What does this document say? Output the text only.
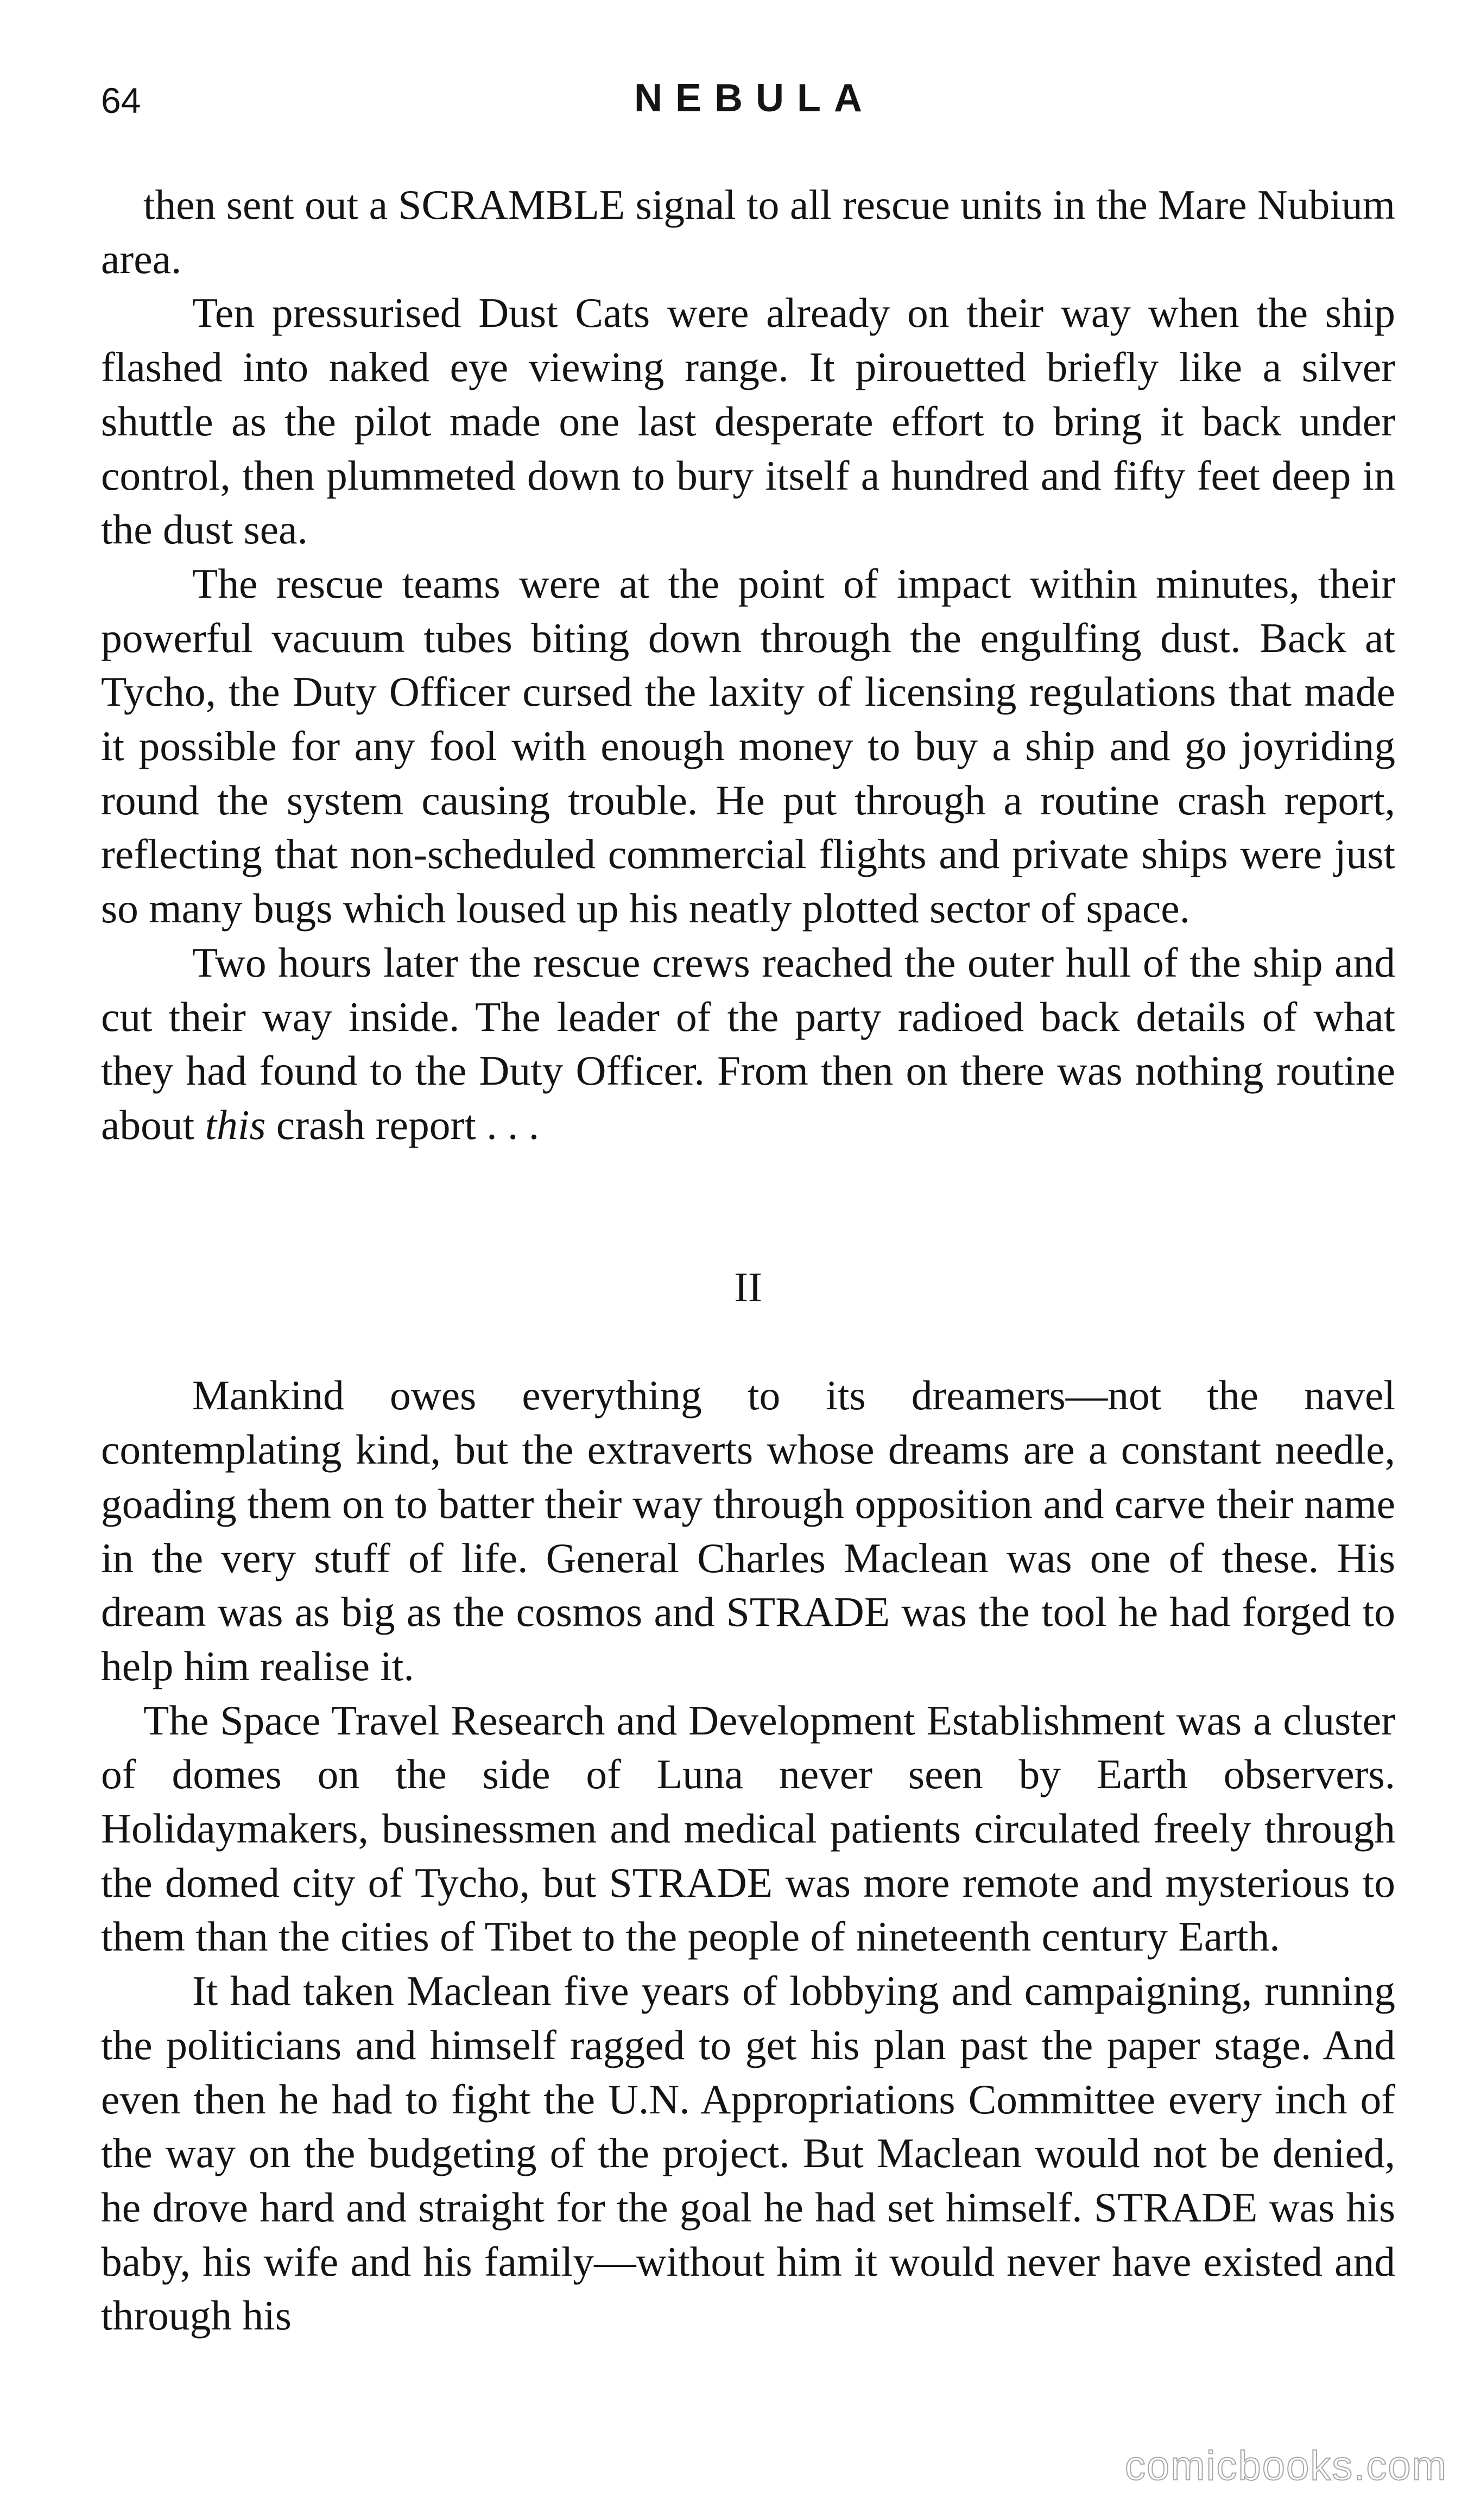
64	NEBULA

then sent out a SCRAMBLE signal to all rescue units in the Mare Nubium area.

Ten pressurised Dust Cats were already on their way when the ship flashed into naked eye viewing range. It pirouetted briefly like a silver shuttle as the pilot made one last desperate effort to bring it back under control, then plummeted down to bury itself a hundred and fifty feet deep in the dust sea.

The rescue teams were at the point of impact within minutes, their powerful vacuum tubes biting down through the engulfing dust. Back at Tycho, the Duty Officer cursed the laxity of licensing regulations that made it possible for any fool with enough money to buy a ship and go joyriding round the system causing trouble. He put through a routine crash report, reflecting that non-scheduled commercial flights and private ships were just so many bugs which loused up his neatly plotted sector of space.

Two hours later the rescue crews reached the outer hull of the ship and cut their way inside. The leader of the party radioed back details of what they had found to the Duty Officer. From then on there was nothing routine about this crash report . . .

II

Mankind owes everything to its dreamers—not the navel contemplating kind, but the extraverts whose dreams are a constant needle, goading them on to batter their way through opposition and carve their name in the very stuff of life. General Charles Maclean was one of these. His dream was as big as the cosmos and STRADE was the tool he had forged to help him realise it.

The Space Travel Research and Development Establishment was a cluster of domes on the side of Luna never seen by Earth observers. Holidaymakers, businessmen and medical patients circulated freely through the domed city of Tycho, but STRADE was more remote and mysterious to them than the cities of Tibet to the people of nineteenth century Earth.

It had taken Maclean five years of lobbying and campaigning, running the politicians and himself ragged to get his plan past the paper stage. And even then he had to fight the U.N. Appropriations Committee every inch of the way on the budgeting of the project. But Maclean would not be denied, he drove hard and straight for the goal he had set himself. STRADE was his baby, his wife and his family—without him it would never have existed and through his

comicbooks.com
